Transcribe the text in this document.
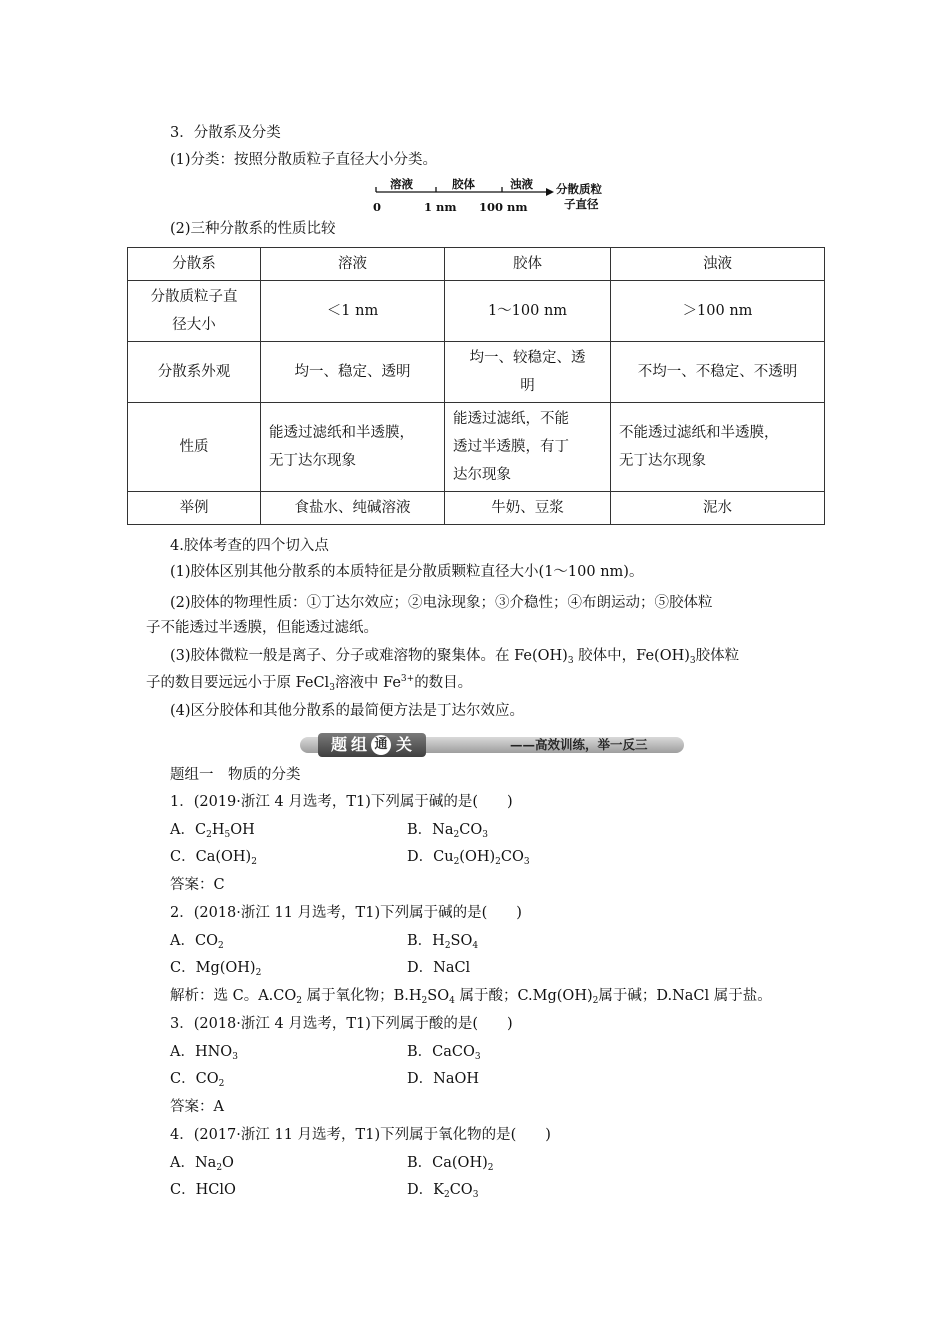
3．分散系及分类
(1)分类：按照分散质粒子直径大小分类。
溶液	胶体	浊液
0	1 nm 100 nm
分散质粒
子直径
(2)三种分散系的性质比较
分散系	溶液	胶体	浊液
分散质粒子直
径大小	＜1 nm	1～100 nm	＞100 nm
分散系外观	均一、稳定、透明	均一、较稳定、透
明	不均一、不稳定、不透明
性质	能透过滤纸和半透膜，
无丁达尔现象	能透过滤纸，不能
透过半透膜，有丁
达尔现象	不能透过滤纸和半透膜，
无丁达尔现象
举例	食盐水、纯碱溶液	牛奶、豆浆	泥水
4.胶体考查的四个切入点
(1)胶体区别其他分散系的本质特征是分散质颗粒直径大小(1～100 nm)。
(2)胶体的物理性质：①丁达尔效应；②电泳现象；③介稳性；④布朗运动；⑤胶体粒
子不能透过半透膜，但能透过滤纸。
(3)胶体微粒一般是离子、分子或难溶物的聚集体。在 $Fe(OH)_3$ 胶体中，$Fe(OH)_3$胶体粒
子的数目要远远小于原 FeCl$_3$溶液中 $Fe^{3+}$的数目。
(4)区分胶体和其他分散系的最简便方法是丁达尔效应。
题 组 通 关	——高效训练，举一反三
题组一　物质的分类
1．(2019·浙江 4 月选考，T1)下列属于碱的是(　　)
A．$C_2H_5OH$	B．$Na_2CO_3$
C．$Ca(OH)_2$	D．$Cu_2(OH)_2CO_3$
答案：C
2．(2018·浙江 11 月选考，T1)下列属于碱的是(　　)
A．$CO_2$	B．$H_2SO_4$
C．$Mg(OH)_2$	D．NaCl
解析：选 C。$A.CO_2$ 属于氧化物；$B.H_2SO_4$ 属于酸；$C.Mg(OH)_2$属于碱；D.NaCl 属于盐。
3．(2018·浙江 4 月选考，T1)下列属于酸的是(　　)
A．$HNO_3$	B．CaCO$_3$
C．$CO_2$	D．NaOH
答案：A
4．(2017·浙江 11 月选考，T1)下列属于氧化物的是(　　)
A．$Na_2O$	B．$Ca(OH)_2$
C．HClO	D．$K_2CO_3$
